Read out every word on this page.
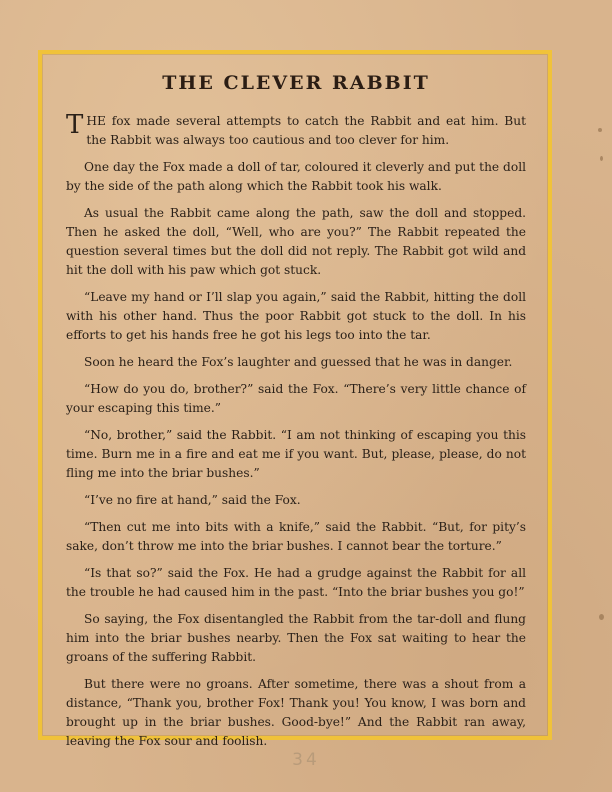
THE CLEVER RABBIT

THE fox made several attempts to catch the Rabbit and eat him. But the Rabbit was always too cautious and too clever for him.

One day the Fox made a doll of tar, coloured it cleverly and put the doll by the side of the path along which the Rabbit took his walk.

As usual the Rabbit came along the path, saw the doll and stopped. Then he asked the doll, “Well, who are you?” The Rabbit repeated the question several times but the doll did not reply. The Rabbit got wild and hit the doll with his paw which got stuck.

“Leave my hand or I’ll slap you again,” said the Rabbit, hitting the doll with his other hand. Thus the poor Rabbit got stuck to the doll. In his efforts to get his hands free he got his legs too into the tar.

Soon he heard the Fox’s laughter and guessed that he was in danger.

“How do you do, brother?” said the Fox. “There’s very little chance of your escaping this time.”

“No, brother,” said the Rabbit. “I am not thinking of escaping you this time. Burn me in a fire and eat me if you want. But, please, please, do not fling me into the briar bushes.”

“I’ve no fire at hand,” said the Fox.

“Then cut me into bits with a knife,” said the Rabbit. “But, for pity’s sake, don’t throw me into the briar bushes. I cannot bear the torture.”

“Is that so?” said the Fox. He had a grudge against the Rabbit for all the trouble he had caused him in the past. “Into the briar bushes you go!”

So saying, the Fox disentangled the Rabbit from the tar-doll and flung him into the briar bushes nearby. Then the Fox sat waiting to hear the groans of the suffering Rabbit.

But there were no groans. After sometime, there was a shout from a distance, “Thank you, brother Fox! Thank you! You know, I was born and brought up in the briar bushes. Good-bye!” And the Rabbit ran away, leaving the Fox sour and foolish.

34
